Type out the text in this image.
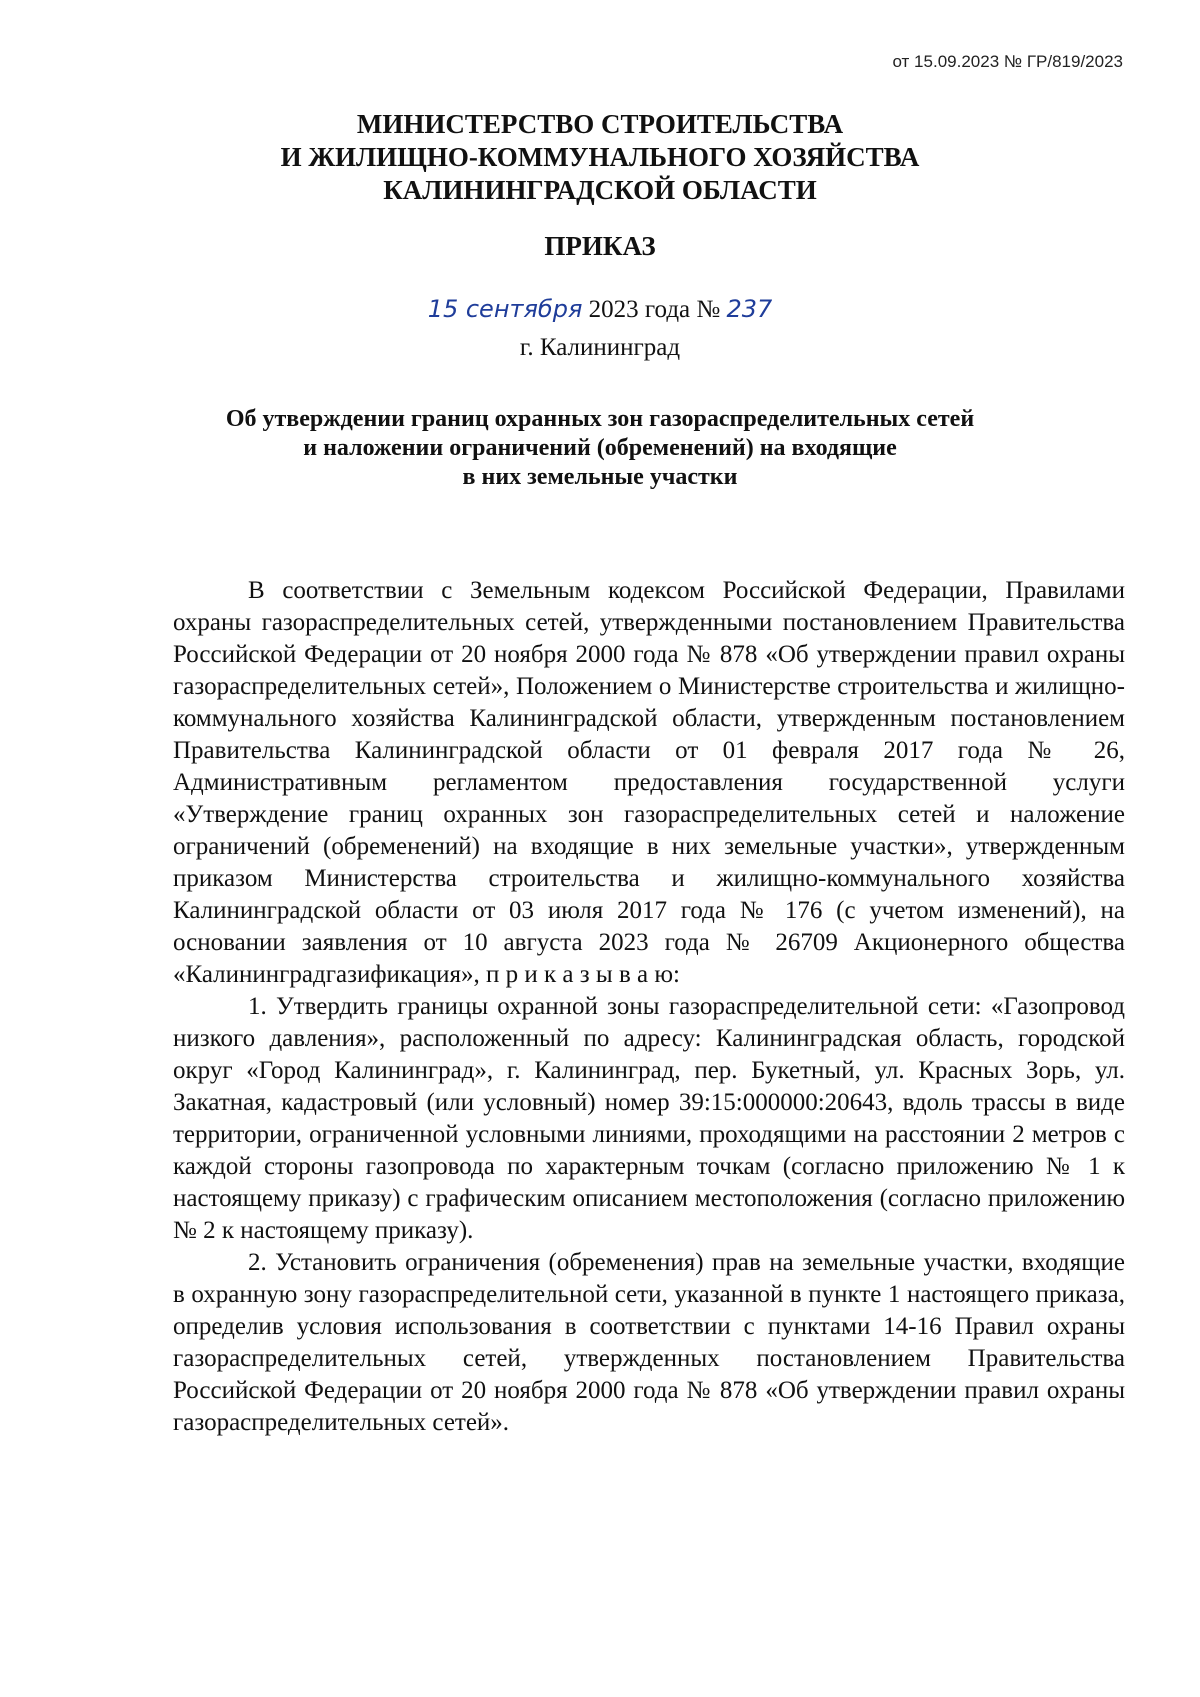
от 15.09.2023 № ГР/819/2023
МИНИСТЕРСТВО СТРОИТЕЛЬСТВА
И ЖИЛИЩНО-КОММУНАЛЬНОГО ХОЗЯЙСТВА
КАЛИНИНГРАДСКОЙ ОБЛАСТИ
ПРИКАЗ
15 сентября 2023 года № 237
г. Калининград
Об утверждении границ охранных зон газораспределительных сетей
и наложении ограничений (обременений) на входящие
в них земельные участки

В соответствии с Земельным кодексом Российской Федерации, Правилами охраны газораспределительных сетей, утвержденными постановлением Правительства Российской Федерации от 20 ноября 2000 года № 878 «Об утверждении правил охраны газораспределительных сетей», Положением о Министерстве строительства и жилищно-коммунального хозяйства Калининградской области, утвержденным постановлением Правительства Калининградской области от 01 февраля 2017 года № 26, Административным регламентом предоставления государственной услуги «Утверждение границ охранных зон газораспределительных сетей и наложение ограничений (обременений) на входящие в них земельные участки», утвержденным приказом Министерства строительства и жилищно-коммунального хозяйства Калининградской области от 03 июля 2017 года № 176 (с учетом изменений), на основании заявления от 10 августа 2023 года № 26709 Акционерного общества «Калининградгазификация», п р и к а з ы в а ю:

1. Утвердить границы охранной зоны газораспределительной сети: «Газопровод низкого давления», расположенный по адресу: Калининградская область, городской округ «Город Калининград», г. Калининград, пер. Букетный, ул. Красных Зорь, ул. Закатная, кадастровый (или условный) номер 39:15:000000:20643, вдоль трассы в виде территории, ограниченной условными линиями, проходящими на расстоянии 2 метров с каждой стороны газопровода по характерным точкам (согласно приложению № 1 к настоящему приказу) с графическим описанием местоположения (согласно приложению № 2 к настоящему приказу).

2. Установить ограничения (обременения) прав на земельные участки, входящие в охранную зону газораспределительной сети, указанной в пункте 1 настоящего приказа, определив условия использования в соответствии с пунктами 14-16 Правил охраны газораспределительных сетей, утвержденных постановлением Правительства Российской Федерации от 20 ноября 2000 года № 878 «Об утверждении правил охраны газораспределительных сетей».
